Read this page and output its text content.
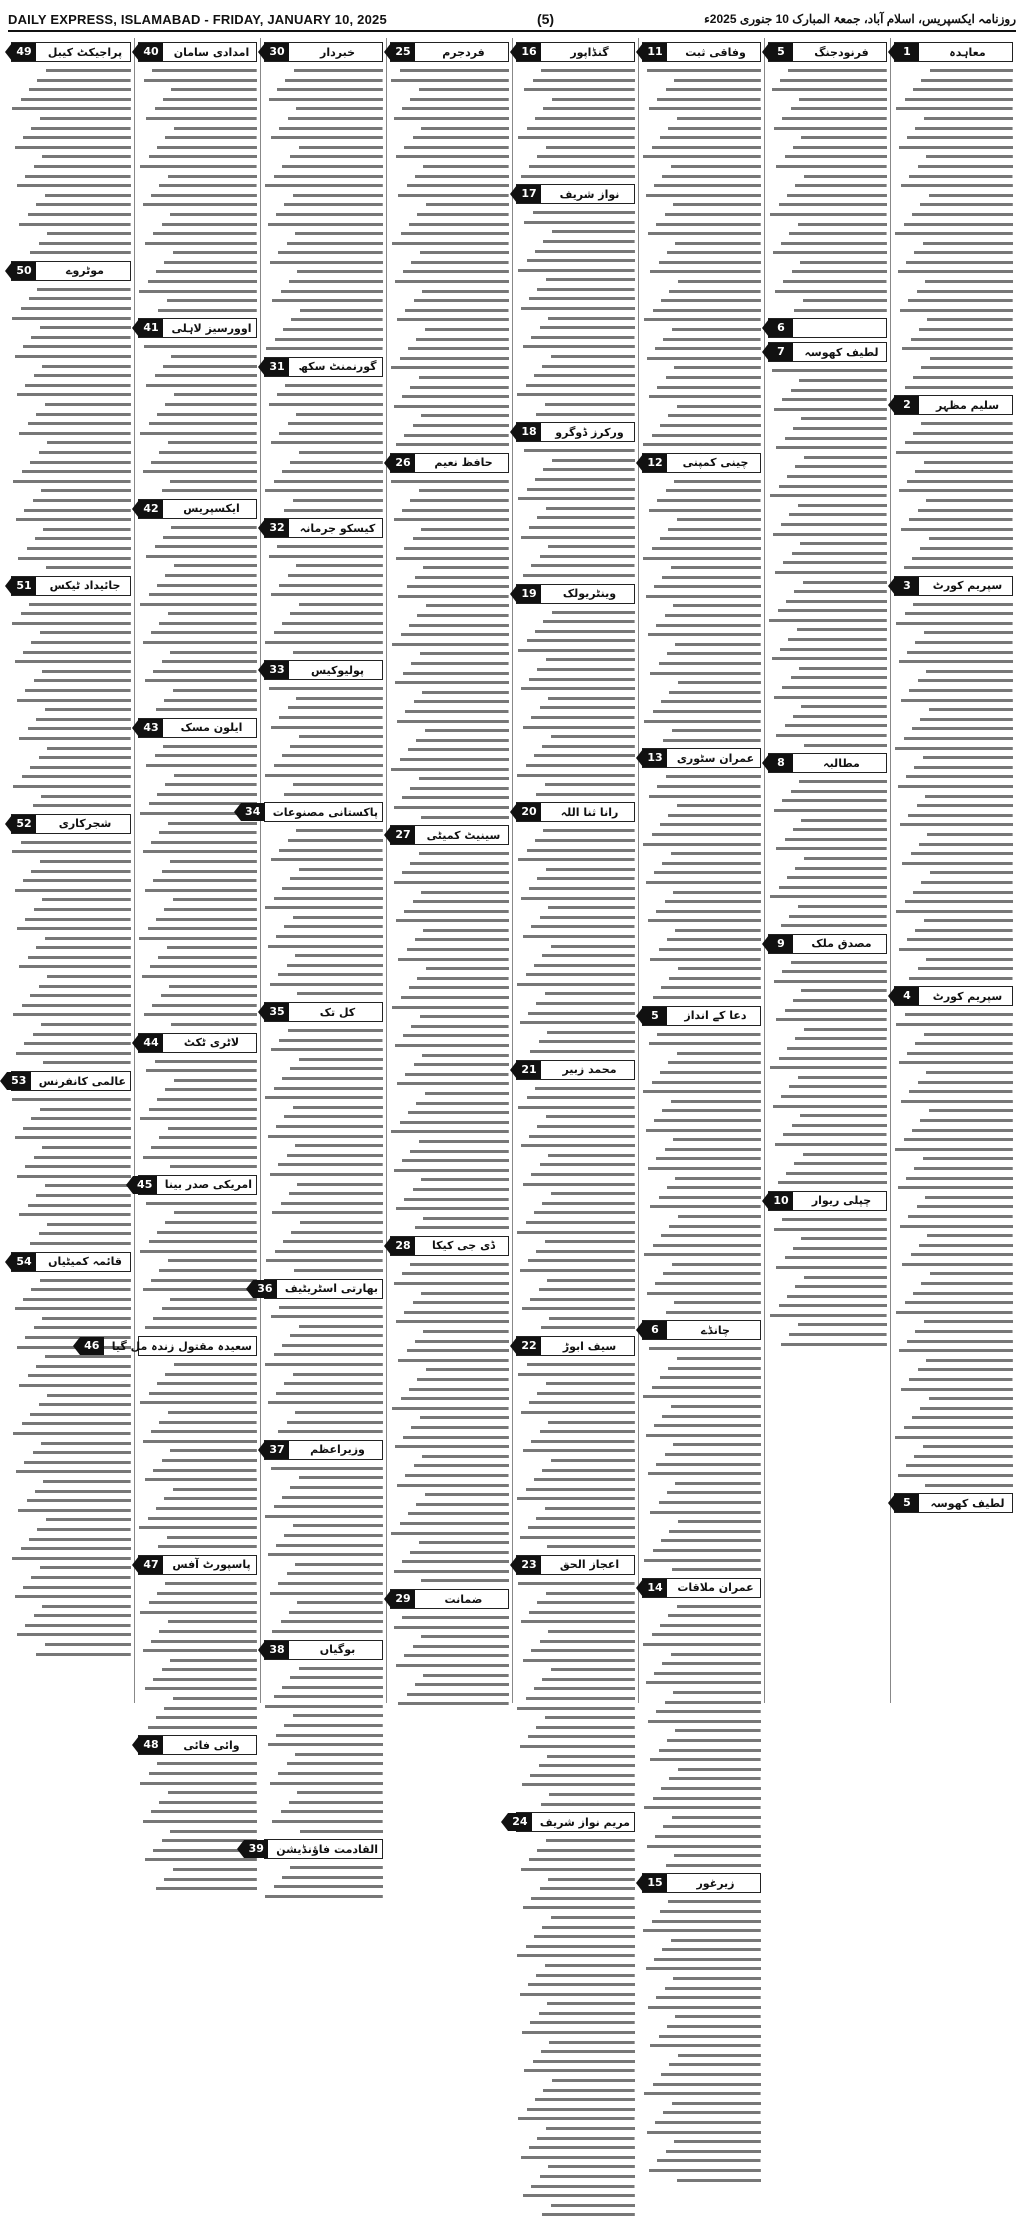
DAILY EXPRESS, ISLAMABAD - FRIDAY, JANUARY 10, 2025	(5)	روزنامہ ایکسپریس، اسلام آباد، جمعۃ المبارک 10 جنوری 2025ء
معاہدہ
1
سلیم مظہر
2
سپریم کورٹ
3
سپریم کورٹ
4
لطیف کھوسہ
5
فرنودجنگ
5
6
لطیف کھوسہ
7
مطالبہ
8
مصدق ملک
9
چپلی ریوار
10
وفاقی ثبت
11
چینی کمپنی
12
عمران سٹوری
13
دعا کے انداز
5
چانڈے
6
عمران ملاقات
14
زیرغور
15
گنڈاپور
16
نواز شریف
17
ورکرز ڈوگرو
18
وینٹریولک
19
رانا ثنا اللہ
20
محمد زبیر
21
سیف ابوڑ
22
اعجاز الحق
23
مریم نواز شریف
24
فردجرم
25
حافظ نعیم
26
سینیٹ کمیٹی
27
ڈی جی کیکا
28
ضمانت
29
خبردار
30
گورنمنٹ سکھ
31
کیسکو جرمانہ
32
پولیوکیس
33
پاکستانی مصنوعات
34
کل تک
35
بھارتی اسٹریٹیف
36
وزیراعظم
37
بوگیاں
38
القادمت فاؤنڈیشن
39
امدادی سامان
40
اوورسیز لاہلی
41
ایکسپریس
42
ایلون مسک
43
لاٹری ٹکٹ
44
امریکی صدر بینا
45
سعیدہ مقتول زندہ مل گیا
46
پاسپورٹ آفس
47
وائی فائی
48
پراجیکٹ کیبل
49
موٹروے
50
جائیداد ٹیکس
51
شجرکاری
52
عالمی کانفرنس
53
قائمہ کمیٹیاں
54
